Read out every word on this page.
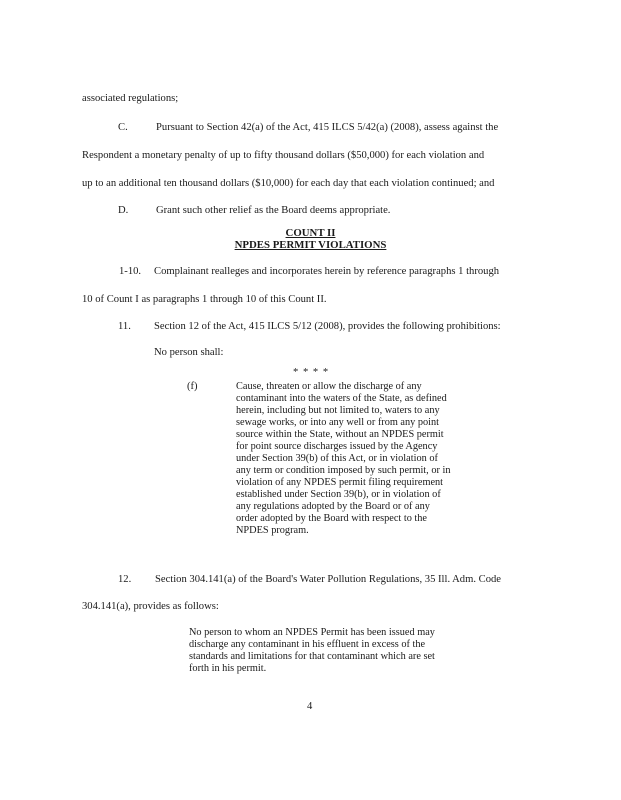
associated regulations;
C.	Pursuant to Section 42(a) of the Act, 415 ILCS 5/42(a) (2008), assess against the
Respondent a monetary penalty of up to fifty thousand dollars ($50,000) for each violation and
up to an additional ten thousand dollars ($10,000) for each day that each violation continued; and
D.	Grant such other relief as the Board deems appropriate.
COUNT II
NPDES PERMIT VIOLATIONS
1-10. Complainant realleges and incorporates herein by reference paragraphs 1 through
10 of Count I as paragraphs 1 through 10 of this Count II.
11. Section 12 of the Act, 415 ILCS 5/12 (2008), provides the following prohibitions:
No person shall:
* * * *
(f)	Cause, threaten or allow the discharge of any
contaminant into the waters of the State, as defined
herein, including but not limited to, waters to any
sewage works, or into any well or from any point
source within the State, without an NPDES permit
for point source discharges issued by the Agency
under Section 39(b) of this Act, or in violation of
any term or condition imposed by such permit, or in
violation of any NPDES permit filing requirement
established under Section 39(b), or in violation of
any regulations adopted by the Board or of any
order adopted by the Board with respect to the
NPDES program.
12. Section 304.141(a) of the Board's Water Pollution Regulations, 35 Ill. Adm. Code
304.141(a), provides as follows:
No person to whom an NPDES Permit has been issued may
discharge any contaminant in his effluent in excess of the
standards and limitations for that contaminant which are set
forth in his permit.
4
